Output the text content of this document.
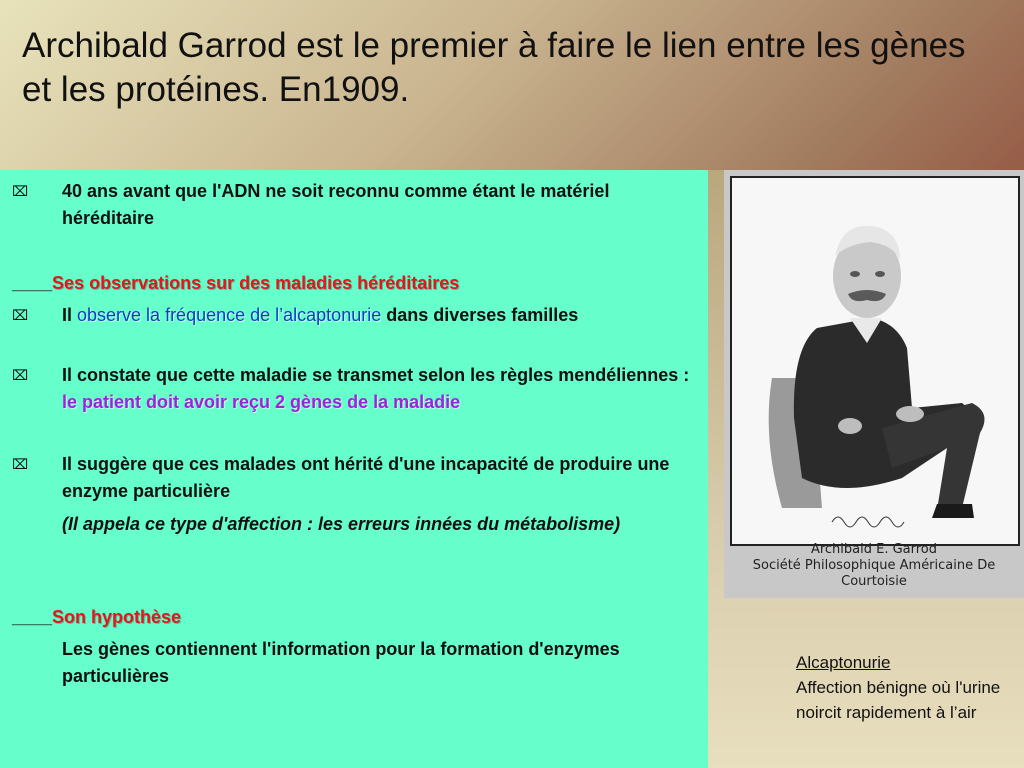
Archibald Garrod est le premier à faire le lien entre les gènes et les protéines. En1909.
⌧ 40 ans avant que l'ADN ne soit reconnu comme étant le matériel héréditaire
____Ses observations sur des maladies héréditaires
⌧ Il observe la fréquence de l’alcaptonurie dans diverses familles
⌧ Il constate que cette maladie se transmet selon les règles mendéliennes : le patient doit avoir reçu 2 gènes de la maladie
⌧ Il suggère que ces malades ont hérité d'une incapacité de produire une enzyme particulière
(Il appela ce type d'affection : les erreurs innées du métabolisme)
____Son hypothèse
Les gènes contiennent l'information pour la formation d'enzymes particulières
Archibald E. Garrod
Société Philosophique Américaine De
Courtoisie
Alcaptonurie
Affection bénigne où l'urine noircit rapidement à l’air
